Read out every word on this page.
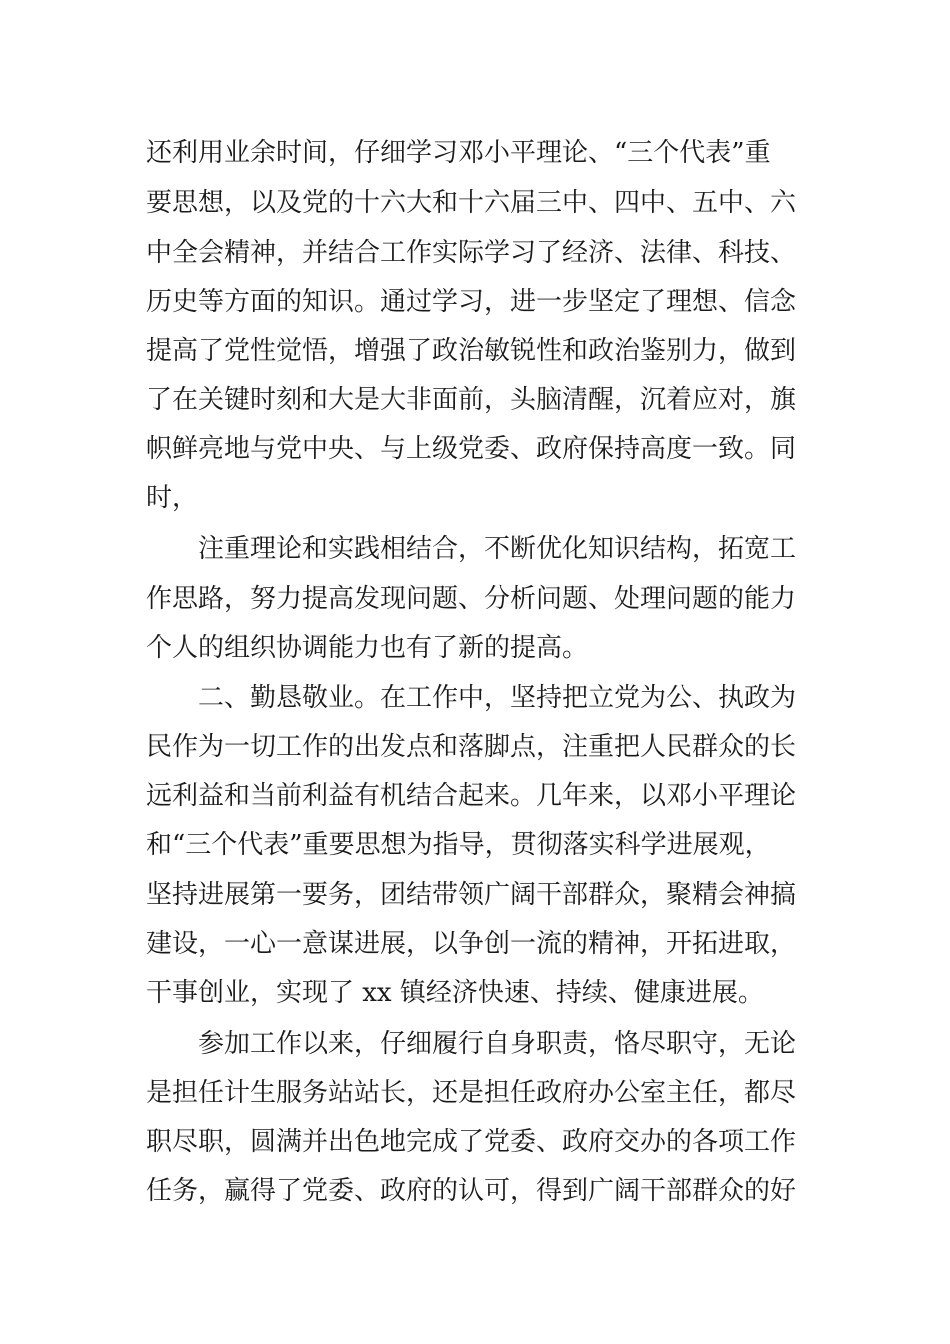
还利用业余时间，仔细学习邓小平理论、“三个代表”重
要思想，以及党的十六大和十六届三中、四中、五中、六
中全会精神，并结合工作实际学习了经济、法律、科技、
历史等方面的知识。通过学习，进一步坚定了理想、信念
提高了党性觉悟，增强了政治敏锐性和政治鉴别力，做到
了在关键时刻和大是大非面前，头脑清醒，沉着应对，旗
帜鲜亮地与党中央、与上级党委、政府保持高度一致。同
时，
注重理论和实践相结合，不断优化知识结构，拓宽工
作思路，努力提高发现问题、分析问题、处理问题的能力
个人的组织协调能力也有了新的提高。
二、勤恳敬业。在工作中，坚持把立党为公、执政为
民作为一切工作的出发点和落脚点，注重把人民群众的长
远利益和当前利益有机结合起来。几年来，以邓小平理论
和“三个代表”重要思想为指导，贯彻落实科学进展观，
坚持进展第一要务，团结带领广阔干部群众，聚精会神搞
建设，一心一意谋进展，以争创一流的精神，开拓进取，
干事创业，实现了 xx 镇经济快速、持续、健康进展。
参加工作以来，仔细履行自身职责，恪尽职守，无论
是担任计生服务站站长，还是担任政府办公室主任，都尽
职尽职，圆满并出色地完成了党委、政府交办的各项工作
任务，赢得了党委、政府的认可，得到广阔干部群众的好
